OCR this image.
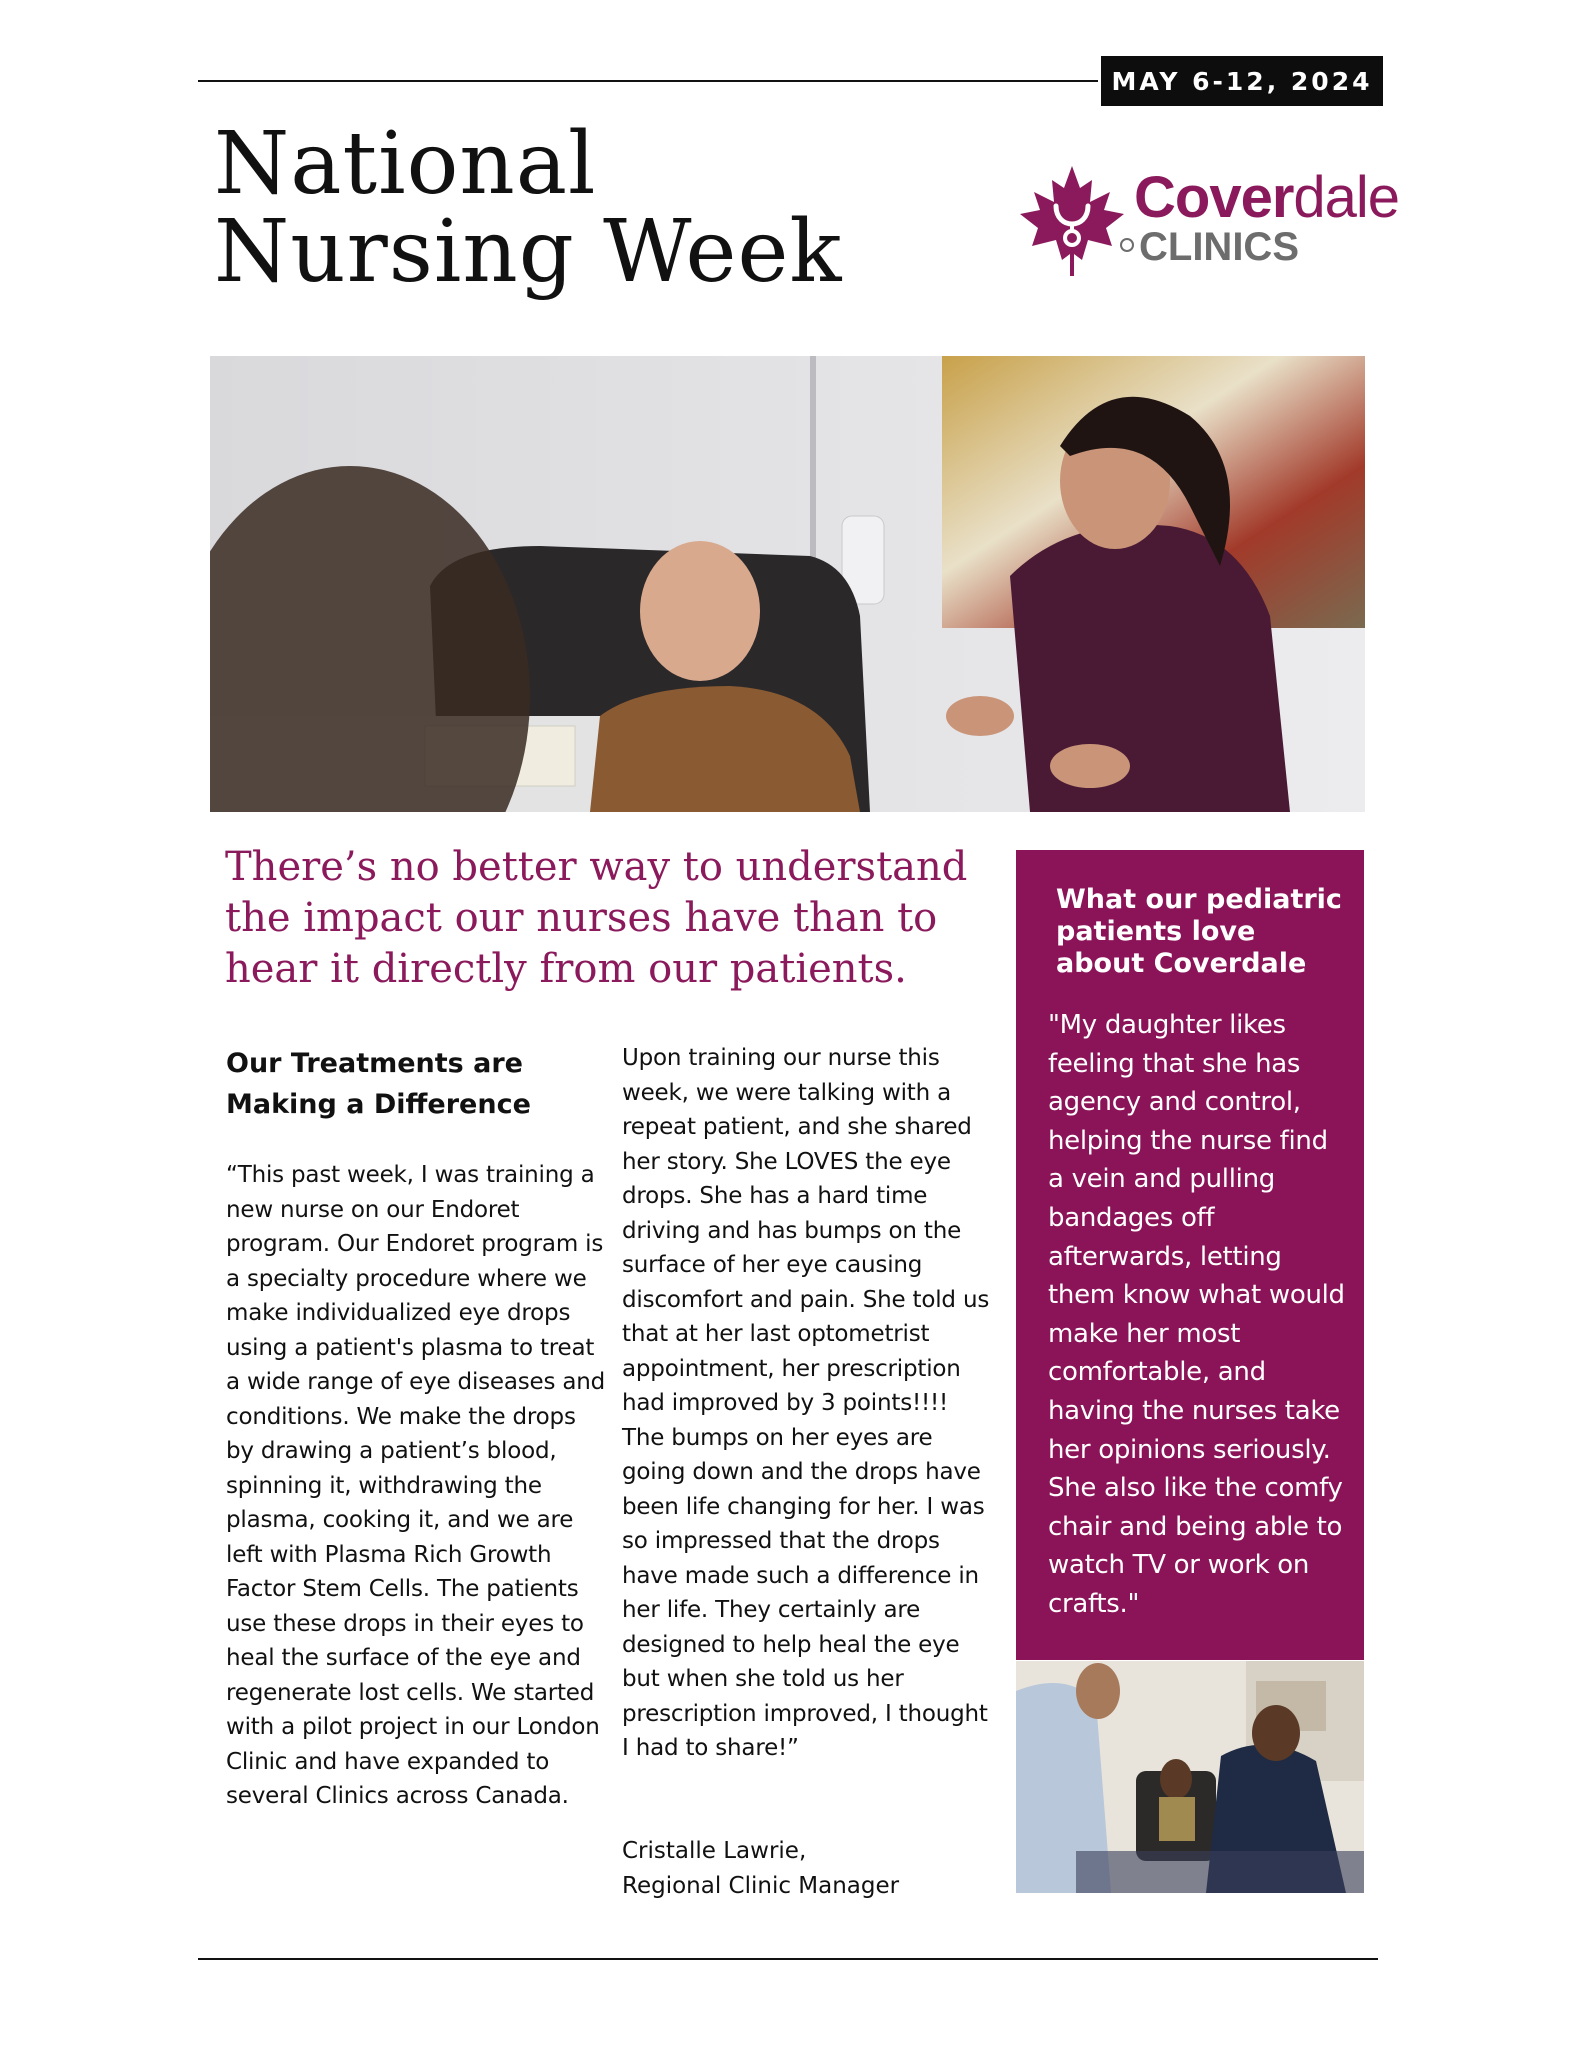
MAY 6-12, 2024
National
Nursing Week
Coverdale
CLINICS

There’s no better way to understand the impact our nurses have than to hear it directly from our patients.

Our Treatments are Making a Difference

“This past week, I was training a new nurse on our Endoret program. Our Endoret program is a specialty procedure where we make individualized eye drops using a patient's plasma to treat a wide range of eye diseases and conditions. We make the drops by drawing a patient’s blood, spinning it, withdrawing the plasma, cooking it, and we are left with Plasma Rich Growth Factor Stem Cells. The patients use these drops in their eyes to heal the surface of the eye and regenerate lost cells. We started with a pilot project in our London Clinic and have expanded to several Clinics across Canada.

Upon training our nurse this week, we were talking with a repeat patient, and she shared her story. She LOVES the eye drops. She has a hard time driving and has bumps on the surface of her eye causing discomfort and pain. She told us that at her last optometrist appointment, her prescription had improved by 3 points!!!! The bumps on her eyes are going down and the drops have been life changing for her. I was so impressed that the drops have made such a difference in her life. They certainly are designed to help heal the eye but when she told us her prescription improved, I thought I had to share!”

Cristalle Lawrie,
Regional Clinic Manager

What our pediatric patients love about Coverdale

"My daughter likes feeling that she has agency and control, helping the nurse find a vein and pulling bandages off afterwards, letting them know what would make her most comfortable, and having the nurses take her opinions seriously. She also like the comfy chair and being able to watch TV or work on crafts."
